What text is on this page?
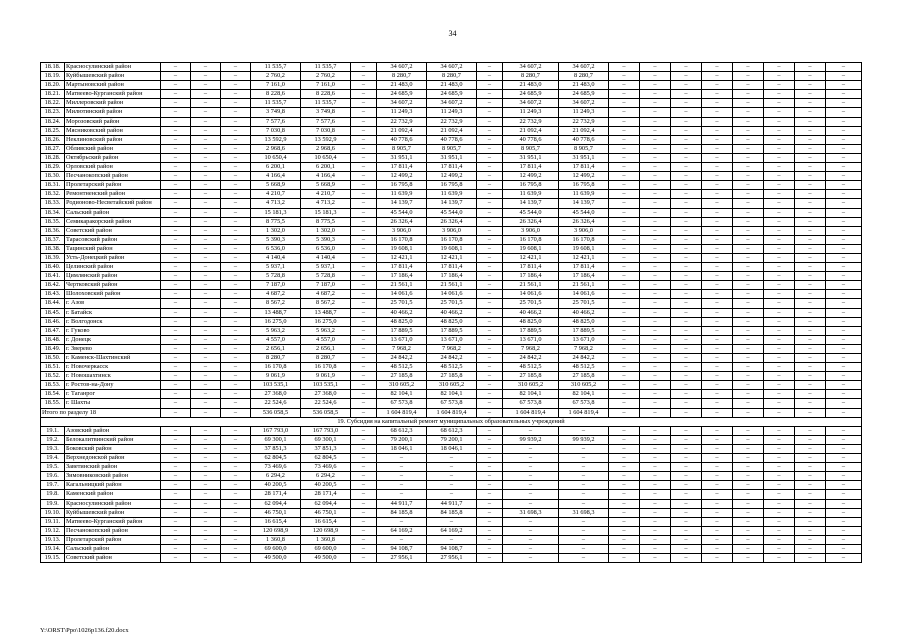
34
18.18.	Красносулинский район	–	–	–	11 535,7	11 535,7	–	34 607,2	34 607,2	–	34 607,2	34 607,2	–	–	–	–	–	–	–	–
18.19.	Куйбышевский район	–	–	–	2 760,2	2 760,2	–	8 280,7	8 280,7	–	8 280,7	8 280,7	–	–	–	–	–	–	–	–
18.20.	Мартыновский район	–	–	–	7 161,0	7 161,0	–	21 483,0	21 483,0	–	21 483,0	21 483,0	–	–	–	–	–	–	–	–
18.21.	Матвеево-Курганский район	–	–	–	8 228,6	8 228,6	–	24 685,9	24 685,9	–	24 685,9	24 685,9	–	–	–	–	–	–	–	–
18.22.	Миллеровский район	–	–	–	11 535,7	11 535,7	–	34 607,2	34 607,2	–	34 607,2	34 607,2	–	–	–	–	–	–	–	–
18.23.	Милютинский район	–	–	–	3 749,8	3 749,8	–	11 249,3	11 249,3	–	11 249,3	11 249,3	–	–	–	–	–	–	–	–
18.24.	Морозовский район	–	–	–	7 577,6	7 577,6	–	22 732,9	22 732,9	–	22 732,9	22 732,9	–	–	–	–	–	–	–	–
18.25.	Мясниковский район	–	–	–	7 030,8	7 030,8	–	21 092,4	21 092,4	–	21 092,4	21 092,4	–	–	–	–	–	–	–	–
18.26.	Неклиновский район	–	–	–	13 592,9	13 592,9	–	40 778,6	40 778,6	–	40 778,6	40 778,6	–	–	–	–	–	–	–	–
18.27.	Обливский район	–	–	–	2 968,6	2 968,6	–	8 905,7	8 905,7	–	8 905,7	8 905,7	–	–	–	–	–	–	–	–
18.28.	Октябрьский район	–	–	–	10 650,4	10 650,4	–	31 951,1	31 951,1	–	31 951,1	31 951,1	–	–	–	–	–	–	–	–
18.29.	Орловский район	–	–	–	6 200,1	6 200,1	–	17 811,4	17 811,4	–	17 811,4	17 811,4	–	–	–	–	–	–	–	–
18.30.	Песчанокопский район	–	–	–	4 166,4	4 166,4	–	12 499,2	12 499,2	–	12 499,2	12 499,2	–	–	–	–	–	–	–	–
18.31.	Пролетарский район	–	–	–	5 668,9	5 668,9	–	16 795,8	16 795,8	–	16 795,8	16 795,8	–	–	–	–	–	–	–	–
18.32.	Ремонтненский район	–	–	–	4 210,7	4 210,7	–	11 639,9	11 639,9	–	11 639,9	11 639,9	–	–	–	–	–	–	–	–
18.33.	Родионово-Несветайский район	–	–	–	4 713,2	4 713,2	–	14 139,7	14 139,7	–	14 139,7	14 139,7	–	–	–	–	–	–	–	–
18.34.	Сальский район	–	–	–	15 181,3	15 181,3	–	45 544,0	45 544,0	–	45 544,0	45 544,0	–	–	–	–	–	–	–	–
18.35.	Семикаракорский район	–	–	–	8 775,5	8 775,5	–	26 326,4	26 326,4	–	26 326,4	26 326,4	–	–	–	–	–	–	–	–
18.36.	Советский район	–	–	–	1 302,0	1 302,0	–	3 906,0	3 906,0	–	3 906,0	3 906,0	–	–	–	–	–	–	–	–
18.37.	Тарасовский район	–	–	–	5 390,3	5 390,3	–	16 170,8	16 170,8	–	16 170,8	16 170,8	–	–	–	–	–	–	–	–
18.38.	Тацинский район	–	–	–	6 536,0	6 536,0	–	19 608,1	19 608,1	–	19 608,1	19 608,1	–	–	–	–	–	–	–	–
18.39.	Усть-Донецкий район	–	–	–	4 140,4	4 140,4	–	12 421,1	12 421,1	–	12 421,1	12 421,1	–	–	–	–	–	–	–	–
18.40.	Целинский район	–	–	–	5 937,1	5 937,1	–	17 811,4	17 811,4	–	17 811,4	17 811,4	–	–	–	–	–	–	–	–
18.41.	Цимлянский район	–	–	–	5 728,8	5 728,8	–	17 186,4	17 186,4	–	17 186,4	17 186,4	–	–	–	–	–	–	–	–
18.42.	Чертковский район	–	–	–	7 187,0	7 187,0	–	21 561,1	21 561,1	–	21 561,1	21 561,1	–	–	–	–	–	–	–	–
18.43.	Шолоховский район	–	–	–	4 687,2	4 687,2	–	14 061,6	14 061,6	–	14 061,6	14 061,6	–	–	–	–	–	–	–	–
18.44.	г. Азов	–	–	–	8 567,2	8 567,2	–	25 701,5	25 701,5	–	25 701,5	25 701,5	–	–	–	–	–	–	–	–
18.45.	г. Батайск	–	–	–	13 488,7	13 488,7	–	40 466,2	40 466,2	–	40 466,2	40 466,2	–	–	–	–	–	–	–	–
18.46.	г. Волгодонск	–	–	–	16 275,0	16 275,0	–	48 825,0	48 825,0	–	48 825,0	48 825,0	–	–	–	–	–	–	–	–
18.47.	г. Гуково	–	–	–	5 963,2	5 963,2	–	17 889,5	17 889,5	–	17 889,5	17 889,5	–	–	–	–	–	–	–	–
18.48.	г. Донецк	–	–	–	4 557,0	4 557,0	–	13 671,0	13 671,0	–	13 671,0	13 671,0	–	–	–	–	–	–	–	–
18.49.	г. Зверево	–	–	–	2 656,1	2 656,1	–	7 968,2	7 968,2	–	7 968,2	7 968,2	–	–	–	–	–	–	–	–
18.50.	г. Каменск-Шахтинский	–	–	–	8 280,7	8 280,7	–	24 842,2	24 842,2	–	24 842,2	24 842,2	–	–	–	–	–	–	–	–
18.51.	г. Новочеркасск	–	–	–	16 170,8	16 170,8	–	48 512,5	48 512,5	–	48 512,5	48 512,5	–	–	–	–	–	–	–	–
18.52.	г. Новошахтинск	–	–	–	9 061,9	9 061,9	–	27 185,8	27 185,8	–	27 185,8	27 185,8	–	–	–	–	–	–	–	–
18.53.	г. Ростов-на-Дону	–	–	–	103 535,1	103 535,1	–	310 605,2	310 605,2	–	310 605,2	310 605,2	–	–	–	–	–	–	–	–
18.54.	г. Таганрог	–	–	–	27 368,0	27 368,0	–	82 104,1	82 104,1	–	82 104,1	82 104,1	–	–	–	–	–	–	–	–
18.55.	г. Шахты	–	–	–	22 524,6	22 524,6	–	67 573,8	67 573,8	–	67 573,8	67 573,8	–	–	–	–	–	–	–	–
Итого по разделу 18		–	–	–	536 058,5	536 058,5	–	1 604 819,4	1 604 819,4	–	1 604 819,4	1 604 819,4	–	–	–	–	–	–	–	–
19. Субсидия на капитальный ремонт муниципальных образовательных учреждений																				
19.1.	Азовский район	–	–	–	167 793,0	167 793,0	–	68 612,3	68 612,3	–	–	–	–	–	–	–	–	–	–	–
19.2.	Белокалитвинский район	–	–	–	69 300,1	69 300,1	–	79 200,1	79 200,1	–	99 939,2	99 939,2	–	–	–	–	–	–	–	–
19.3.	Боковский район	–	–	–	37 851,3	37 851,3	–	18 046,1	18 046,1	–	–	–	–	–	–	–	–	–	–	–
19.4.	Верхнедонской район	–	–	–	62 804,5	62 804,5	–	–	–	–	–	–	–	–	–	–	–	–	–	–
19.5.	Заветинский район	–	–	–	73 469,6	73 469,6	–	–	–	–	–	–	–	–	–	–	–	–	–	–
19.6.	Зимовниковский район	–	–	–	6 294,2	6 294,2	–	–	–	–	–	–	–	–	–	–	–	–	–	–
19.7.	Кагальницкий район	–	–	–	40 200,5	40 200,5	–	–	–	–	–	–	–	–	–	–	–	–	–	–
19.8.	Каменский район	–	–	–	28 171,4	28 171,4	–	–	–	–	–	–	–	–	–	–	–	–	–	–
19.9.	Красносулинский район	–	–	–	62 094,4	62 094,4	–	44 911,7	44 911,7	–	–	–	–	–	–	–	–	–	–	–
19.10.	Куйбышевский район	–	–	–	46 750,1	46 750,1	–	84 185,8	84 185,8	–	31 698,3	31 698,3	–	–	–	–	–	–	–	–
19.11.	Матвеево-Курганский район	–	–	–	16 615,4	16 615,4	–	–	–	–	–	–	–	–	–	–	–	–	–	–
19.12.	Песчанокопский район	–	–	–	120 698,9	120 698,9	–	64 169,2	64 169,2	–	–	–	–	–	–	–	–	–	–	–
19.13.	Пролетарский район	–	–	–	1 360,8	1 360,8	–	–	–	–	–	–	–	–	–	–	–	–	–	–
19.14.	Сальский район	–	–	–	69 600,0	69 600,0	–	94 108,7	94 108,7	–	–	–	–	–	–	–	–	–	–	–
19.15.	Советский район	–	–	–	49 500,0	49 500,0	–	27 956,1	27 956,1	–	–	–	–	–	–	–	–	–	–	–
Y:\ORST\Ppo\1026p136.f20.docx
